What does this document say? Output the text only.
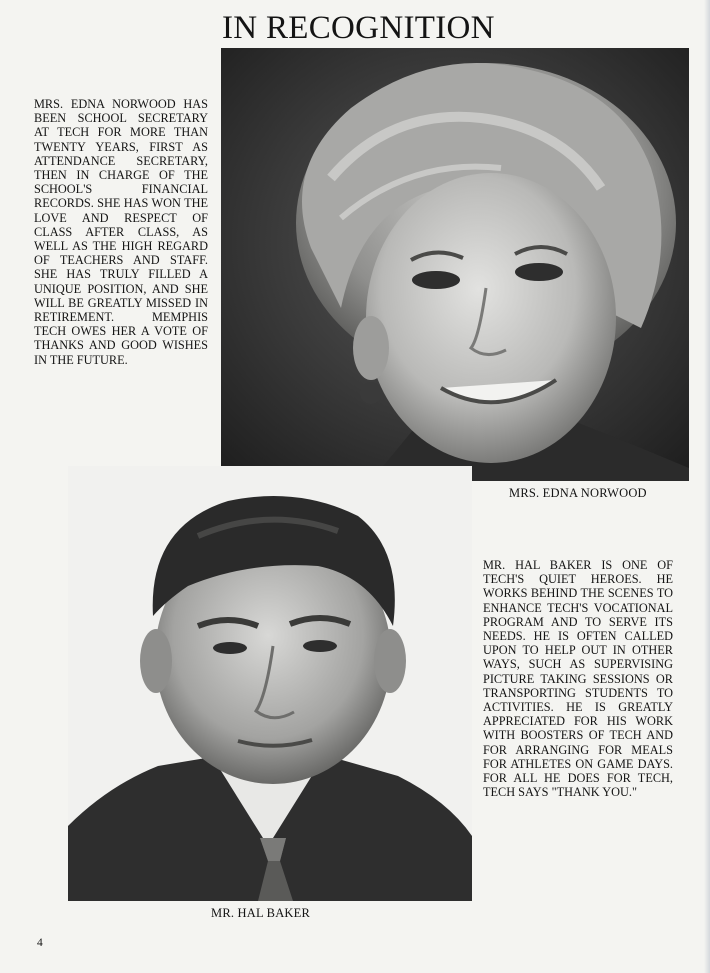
IN RECOGNITION
MRS. EDNA NORWOOD HAS BEEN SCHOOL SECRETARY AT TECH FOR MORE THAN TWENTY YEARS, FIRST AS ATTENDANCE SECRETARY, THEN IN CHARGE OF THE SCHOOL'S FINANCIAL RECORDS. SHE HAS WON THE LOVE AND RESPECT OF CLASS AFTER CLASS, AS WELL AS THE HIGH REGARD OF TEACHERS AND STAFF. SHE HAS TRULY FILLED A UNIQUE POSITION, AND SHE WILL BE GREATLY MISSED IN RETIREMENT. MEMPHIS TECH OWES HER A VOTE OF THANKS AND GOOD WISHES IN THE FUTURE.
MRS. EDNA NORWOOD
MR. HAL BAKER
MR. HAL BAKER IS ONE OF TECH'S QUIET HEROES. HE WORKS BEHIND THE SCENES TO ENHANCE TECH'S VOCATIONAL PROGRAM AND TO SERVE ITS NEEDS. HE IS OFTEN CALLED UPON TO HELP OUT IN OTHER WAYS, SUCH AS SUPERVISING PICTURE TAKING SESSIONS OR TRANSPORTING STUDENTS TO ACTIVITIES. HE IS GREATLY APPRECIATED FOR HIS WORK WITH BOOSTERS OF TECH AND FOR ARRANGING FOR MEALS FOR ATHLETES ON GAME DAYS. FOR ALL HE DOES FOR TECH, TECH SAYS "THANK YOU."
4
